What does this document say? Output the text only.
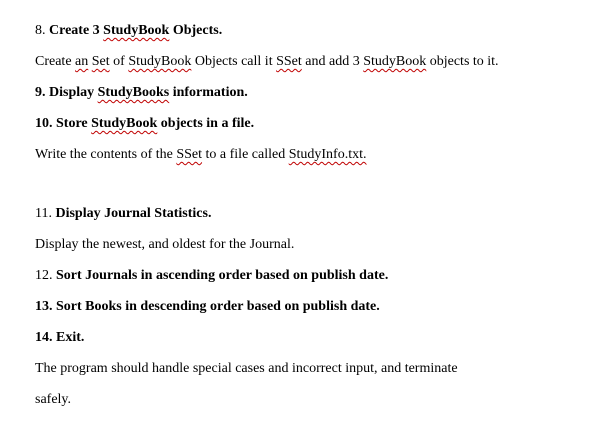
8. Create 3 StudyBook Objects.
Create an Set of StudyBook Objects call it SSet and add 3 StudyBook objects to it.
9. Display StudyBooks information.
10. Store StudyBook objects in a file.
Write the contents of the SSet to a file called StudyInfo.txt.
11. Display Journal Statistics.
Display the newest, and oldest for the Journal.
12. Sort Journals in ascending order based on publish date.
13. Sort Books in descending order based on publish date.
14. Exit.
The program should handle special cases and incorrect input, and terminate
safely.
